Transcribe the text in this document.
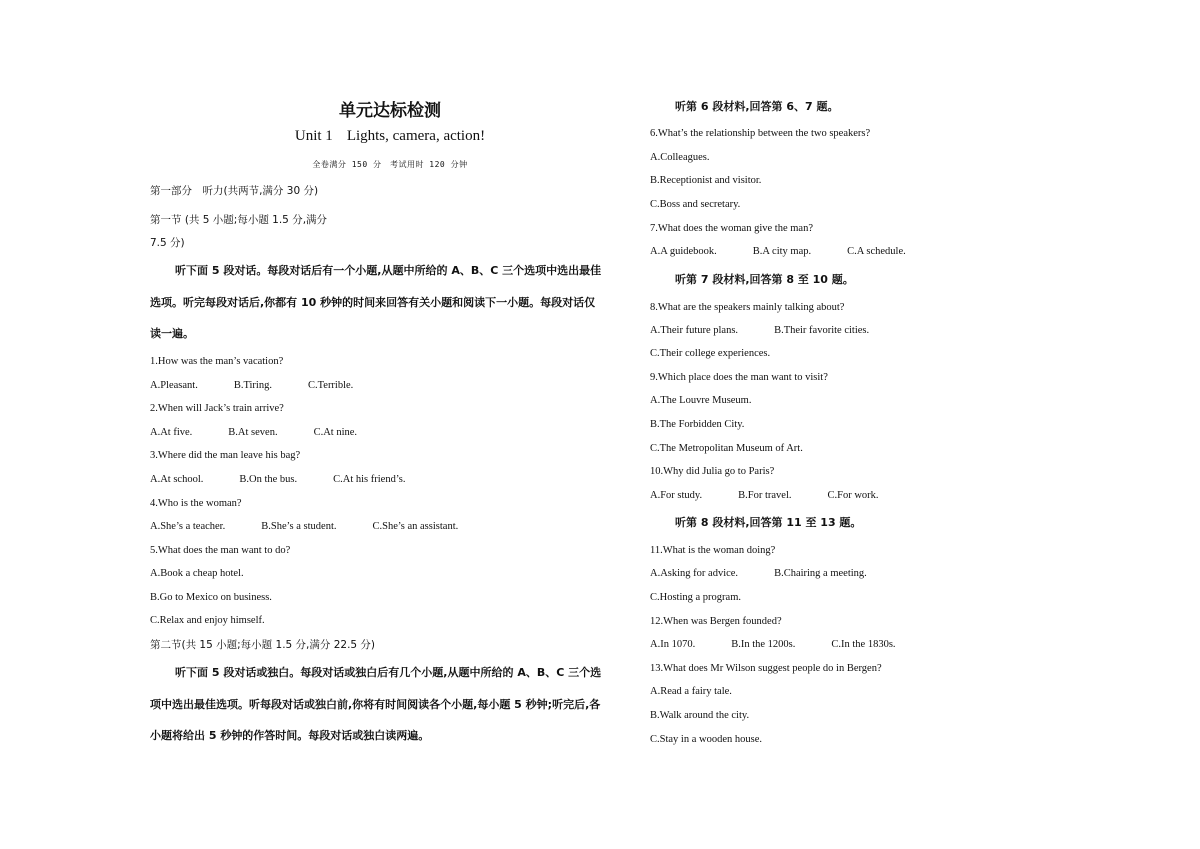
单元达标检测
Unit 1 Lights, camera, action!
全卷满分 150 分　考试用时 120 分钟
第一部分　听力(共两节,满分 30 分)
第一节 (共 5 小题;每小题 1.5 分,满分
7.5 分)
听下面 5 段对话。每段对话后有一个小题,从题中所给的 A、B、C 三个选项中选出最佳
选项。听完每段对话后,你都有 10 秒钟的时间来回答有关小题和阅读下一小题。每段对话仅
读一遍。
1.How was the man’s vacation?
A.Pleasant.	B.Tiring.	C.Terrible.
2.When will Jack’s train arrive?
A.At five.	B.At seven.	C.At nine.
3.Where did the man leave his bag?
A.At school.	B.On the bus.	C.At his friend’s.
4.Who is the woman?
A.She’s a teacher.	B.She’s a student.	C.She’s an assistant.
5.What does the man want to do?
A.Book a cheap hotel.
B.Go to Mexico on business.
C.Relax and enjoy himself.
第二节(共 15 小题;每小题 1.5 分,满分 22.5 分)
听下面 5 段对话或独白。每段对话或独白后有几个小题,从题中所给的 A、B、C 三个选
项中选出最佳选项。听每段对话或独白前,你将有时间阅读各个小题,每小题 5 秒钟;听完后,各
小题将给出 5 秒钟的作答时间。每段对话或独白读两遍。
听第 6 段材料,回答第 6、7 题。
6.What’s the relationship between the two speakers?
A.Colleagues.
B.Receptionist and visitor.
C.Boss and secretary.
7.What does the woman give the man?
A.A guidebook.	B.A city map.	C.A schedule.
听第 7 段材料,回答第 8 至 10 题。
8.What are the speakers mainly talking about?
A.Their future plans.	B.Their favorite cities.
C.Their college experiences.
9.Which place does the man want to visit?
A.The Louvre Museum.
B.The Forbidden City.
C.The Metropolitan Museum of Art.
10.Why did Julia go to Paris?
A.For study.	B.For travel.	C.For work.
听第 8 段材料,回答第 11 至 13 题。
11.What is the woman doing?
A.Asking for advice.	B.Chairing a meeting.
C.Hosting a program.
12.When was Bergen founded?
A.In 1070.	B.In the 1200s.	C.In the 1830s.
13.What does Mr Wilson suggest people do in Bergen?
A.Read a fairy tale.
B.Walk around the city.
C.Stay in a wooden house.
